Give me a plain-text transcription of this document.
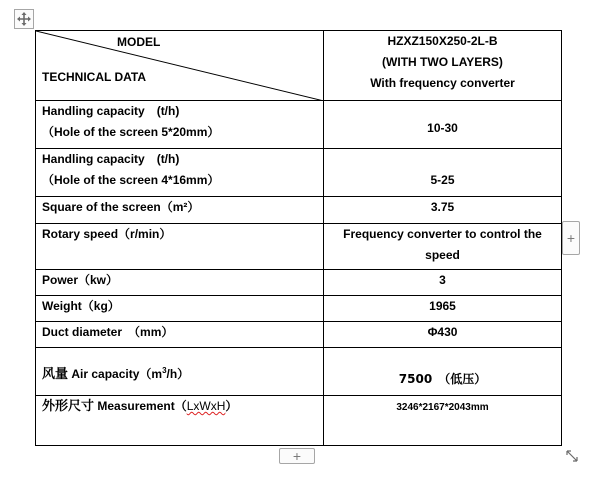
MODEL
TECHNICAL DATA	HZXZ150X250-2L-B
(WITH TWO LAYERS)
With frequency converter

Handling capacity　(t/h)
（Hole of the screen 5*20mm）	10-30

Handling capacity　(t/h)
（Hole of the screen 4*16mm）	5-25

Square of the screen（m²）	3.75
Rotary speed（r/min）	Frequency converter to control the
speed

Power（kw）	3
Weight（kg）	1965
Duct diameter　（mm）	Φ430

风量 Air $capacity(m^3/h)$	7500　（低压）

外形尺寸 Measurement（LxWxH）	3246*2167*2043mm
+
+
